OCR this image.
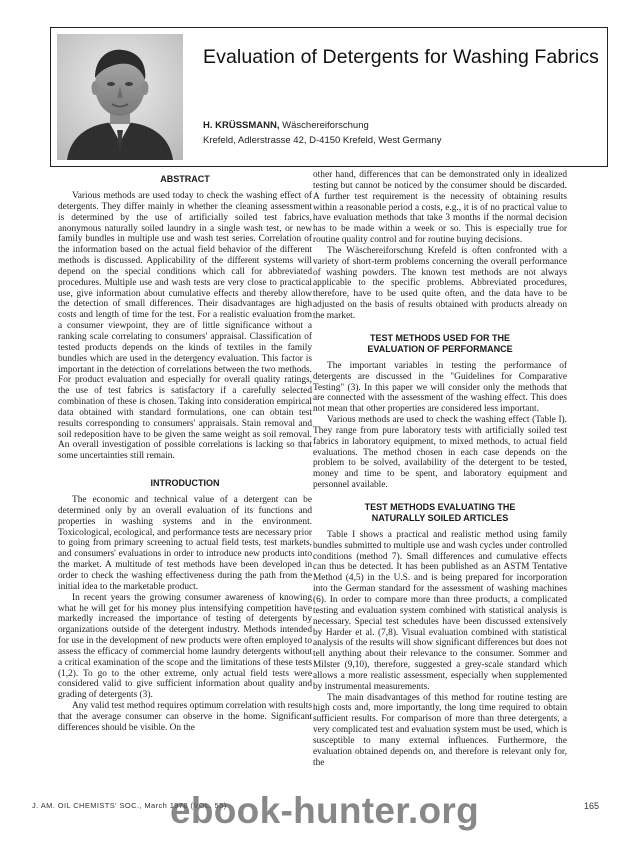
Evaluation of Detergents for Washing Fabrics
H. KRÜSSMANN, Wäschereiforschung
Krefeld, Adlerstrasse 42, D-4150 Krefeld, West Germany
ABSTRACT

Various methods are used today to check the washing effect of detergents. They differ mainly in whether the cleaning assessment is determined by the use of artificially soiled test fabrics, anonymous naturally soiled laundry in a single wash test, or new family bundles in multiple use and wash test series. Correlation of the information based on the actual field behavior of the different methods is discussed. Applicability of the different systems will depend on the special conditions which call for abbreviated procedures. Multiple use and wash tests are very close to practical use, give information about cumulative effects and thereby allow the detection of small differences. Their disadvantages are high costs and length of time for the test. For a realistic evaluation from a consumer viewpoint, they are of little significance without a ranking scale correlating to consumers' appraisal. Classification of tested products depends on the kinds of textiles in the family bundles which are used in the detergency evaluation. This factor is important in the detection of correlations between the two methods. For product evaluation and especially for overall quality ratings, the use of test fabrics is satisfactory if a carefully selected combination of these is chosen. Taking into consideration empirical data obtained with standard formulations, one can obtain test results corresponding to consumers' appraisals. Stain removal and soil redeposition have to be given the same weight as soil removal. An overall investigation of possible correlations is lacking so that some uncertainties still remain.

INTRODUCTION

The economic and technical value of a detergent can be determined only by an overall evaluation of its functions and properties in washing systems and in the environment. Toxicological, ecological, and performance tests are necessary prior to going from primary screening to actual field tests, test markets, and consumers' evaluations in order to introduce new products into the market. A multitude of test methods have been developed in order to check the washing effectiveness during the path from the initial idea to the marketable product.

In recent years the growing consumer awareness of knowing what he will get for his money plus intensifying competition have markedly increased the importance of testing of detergents by organizations outside of the detergent industry. Methods intended for use in the development of new products were often employed to assess the efficacy of commercial home laundry detergents without a critical examination of the scope and the limitations of these tests (1,2). To go to the other extreme, only actual field tests were considered valid to give sufficient information about quality and grading of detergents (3).

Any valid test method requires optimum correlation with results that the average consumer can observe in the home. Significant differences should be visible. On the

other hand, differences that can be demonstrated only in idealized testing but cannot be noticed by the consumer should be discarded. A further test requirement is the necessity of obtaining results within a reasonable period a costs, e.g., it is of no practical value to have evaluation methods that take 3 months if the normal decision has to be made within a week or so. This is especially true for routine quality control and for routine buying decisions.

The Wäschereiforschung Krefeld is often confronted with a variety of short-term problems concerning the overall performance of washing powders. The known test methods are not always applicable to the specific problems. Abbreviated procedures, therefore, have to be used quite often, and the data have to be adjusted on the basis of results obtained with products already on the market.

TEST METHODS USED FOR THE
EVALUATION OF PERFORMANCE

The important variables in testing the performance of detergents are discussed in the "Guidelines for Comparative Testing" (3). In this paper we will consider only the methods that are connected with the assessment of the washing effect. This does not mean that other properties are considered less important.

Various methods are used to check the washing effect (Table I). They range from pure laboratory tests with artificially soiled test fabrics in laboratory equipment, to mixed methods, to actual field evaluations. The method chosen in each case depends on the problem to be solved, availability of the detergent to be tested, money and time to be spent, and laboratory equipment and personnel available.

TEST METHODS EVALUATING THE
NATURALLY SOILED ARTICLES

Table I shows a practical and realistic method using family bundles submitted to multiple use and wash cycles under controlled conditions (method 7). Small differences and cumulative effects can thus be detected. It has been published as an ASTM Tentative Method (4,5) in the U.S. and is being prepared for incorporation into the German standard for the assessment of washing machines (6). In order to compare more than three products, a complicated testing and evaluation system combined with statistical analysis is necessary. Special test schedules have been discussed extensively by Harder et al. (7,8). Visual evaluation combined with statistical analysis of the results will show significant differences but does not tell anything about their relevance to the consumer. Sommer and Milster (9,10), therefore, suggested a grey-scale standard which allows a more realistic assessment, especially when supplemented by instrumental measurements.

The main disadvantages of this method for routine testing are high costs and, more importantly, the long time required to obtain sufficient results. For comparison of more than three detergents, a very complicated test and evaluation system must be used, which is susceptible to many external influences. Furthermore, the evaluation obtained depends on, and therefore is relevant only for, the

J. AM. OIL CHEMISTS' SOC., March 1978 (VOL. 55)
ebook-hunter.org	165
